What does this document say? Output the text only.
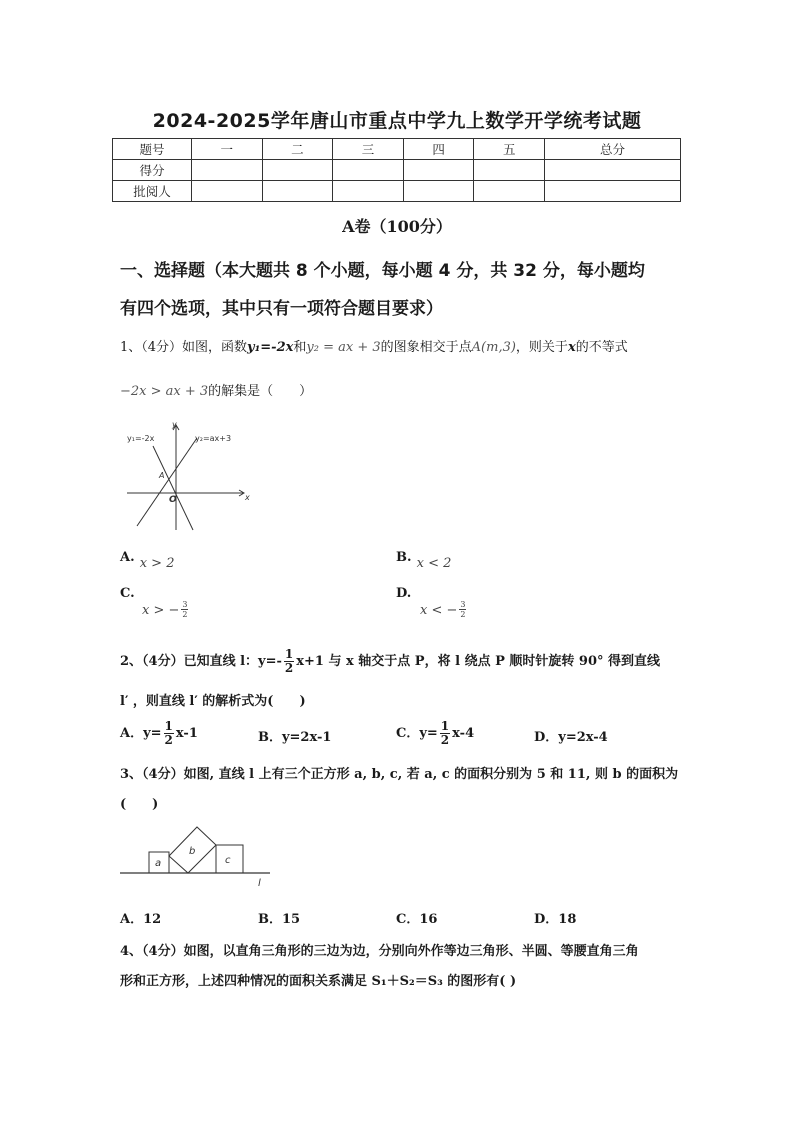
2024-2025学年唐山市重点中学九上数学开学统考试题
题号	一	二	三	四	五	总分
得分						
批阅人						
A卷（100分）
一、选择题（本大题共 8 个小题，每小题 4 分，共 32 分，每小题均
有四个选项，其中只有一项符合题目要求）
1、（4分）如图，函数y₁=-2x和y₂ = ax + 3的图象相交于点A(m,3)，则关于x的不等式
−2x > ax + 3的解集是（　　）
y₁=-2x	y₂=ax+3
x
y
O
A
A. $_{x > 2}$	B. $_{x < 2}$
C.
x > − $\frac{3}{2}$
D.
x < − $\frac{3}{2}$
2、（4分）已知直线 l：$y=- \frac{1}{2} x+1$ 与 x 轴交于点 P，将 l 绕点 P 顺时针旋转 90° 得到直线
l′ ，则直线 l′ 的解析式为(　　)
A．$y= \frac{1}{2} x-1$	B．y=2x-1	C．$y= \frac{1}{2} x-4$	D．y=2x-4
3、（4分）如图, 直线 l 上有三个正方形 a, b, c, 若 a, c 的面积分别为 5 和 11, 则 b 的面积为
(　　)
a
b
c
l
A．12	B．15	C．16	D．18
4、（4分）如图，以直角三角形的三边为边，分别向外作等边三角形、半圆、等腰直角三角
形和正方形，上述四种情况的面积关系满足 S₁＋S₂＝S₃ 的图形有( )
